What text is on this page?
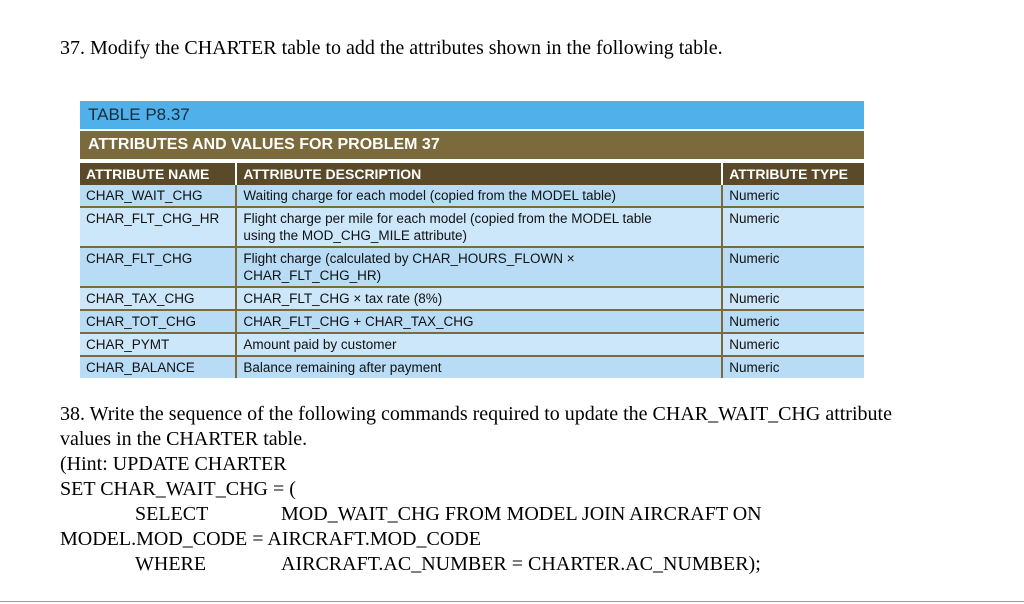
37. Modify the CHARTER table to add the attributes shown in the following table.
TABLE P8.37
ATTRIBUTES AND VALUES FOR PROBLEM 37
ATTRIBUTE NAME	ATTRIBUTE DESCRIPTION	ATTRIBUTE TYPE
CHAR_WAIT_CHG	Waiting charge for each model (copied from the MODEL table)	Numeric
CHAR_FLT_CHG_HR	Flight charge per mile for each model (copied from the MODEL table
using the MOD_CHG_MILE attribute)	Numeric
CHAR_FLT_CHG	Flight charge (calculated by CHAR_HOURS_FLOWN ×
CHAR_FLT_CHG_HR)	Numeric
CHAR_TAX_CHG	CHAR_FLT_CHG × tax rate (8%)	Numeric
CHAR_TOT_CHG	CHAR_FLT_CHG + CHAR_TAX_CHG	Numeric
CHAR_PYMT	Amount paid by customer	Numeric
CHAR_BALANCE	Balance remaining after payment	Numeric
38. Write the sequence of the following commands required to update the CHAR_WAIT_CHG attribute
values in the CHARTER table.
(Hint: UPDATE CHARTER
SET CHAR_WAIT_CHG = (
SELECT	MOD_WAIT_CHG FROM MODEL JOIN AIRCRAFT ON
MODEL.MOD_CODE = AIRCRAFT.MOD_CODE
WHERE	AIRCRAFT.AC_NUMBER = CHARTER.AC_NUMBER);
